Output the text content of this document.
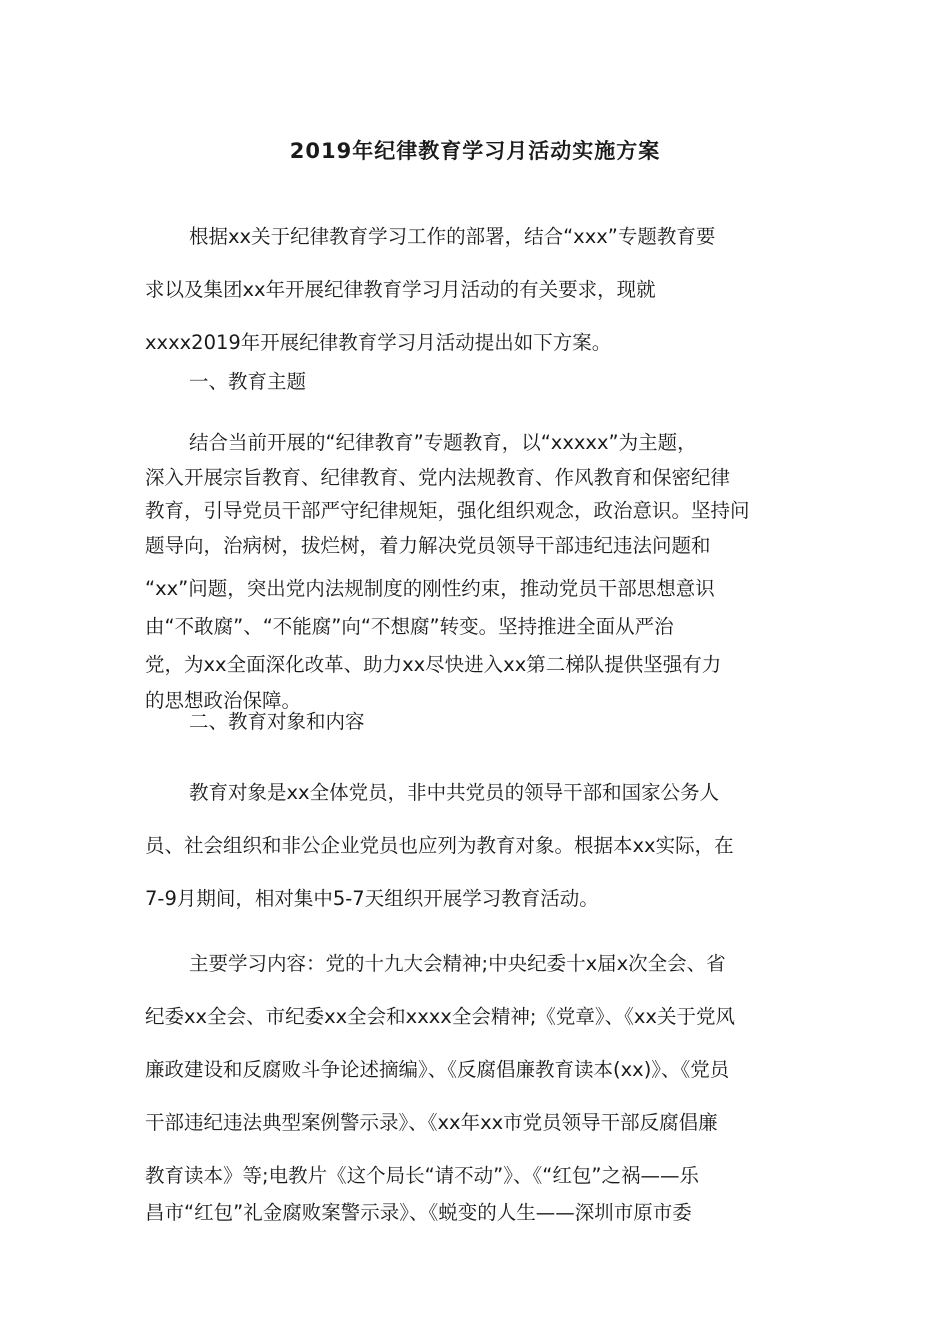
2019年纪律教育学习月活动实施方案
根据xx关于纪律教育学习工作的部署，结合“xxx”专题教育要
求以及集团xx年开展纪律教育学习月活动的有关要求，现就
xxxx2019年开展纪律教育学习月活动提出如下方案。
一、教育主题
结合当前开展的“纪律教育”专题教育，以“xxxxx”为主题，
深入开展宗旨教育、纪律教育、党内法规教育、作风教育和保密纪律
教育，引导党员干部严守纪律规矩，强化组织观念，政治意识。坚持问
题导向，治病树，拔烂树，着力解决党员领导干部违纪违法问题和
“xx”问题，突出党内法规制度的刚性约束，推动党员干部思想意识
由“不敢腐”、“不能腐”向“不想腐”转变。坚持推进全面从严治
党，为xx全面深化改革、助力xx尽快进入xx第二梯队提供坚强有力
的思想政治保障。
二、教育对象和内容
教育对象是xx全体党员，非中共党员的领导干部和国家公务人
员、社会组织和非公企业党员也应列为教育对象。根据本xx实际，在
7-9月期间，相对集中5-7天组织开展学习教育活动。
主要学习内容：党的十九大会精神;中央纪委十x届x次全会、省
纪委xx全会、市纪委xx全会和xxxx全会精神;《党章》、《xx关于党风
廉政建设和反腐败斗争论述摘编》、《反腐倡廉教育读本(xx)》、《党员
干部违纪违法典型案例警示录》、《xx年xx市党员领导干部反腐倡廉
教育读本》等;电教片《这个局长“请不动”》、《“红包”之祸——乐
昌市“红包”礼金腐败案警示录》、《蜕变的人生——深圳市原市委
